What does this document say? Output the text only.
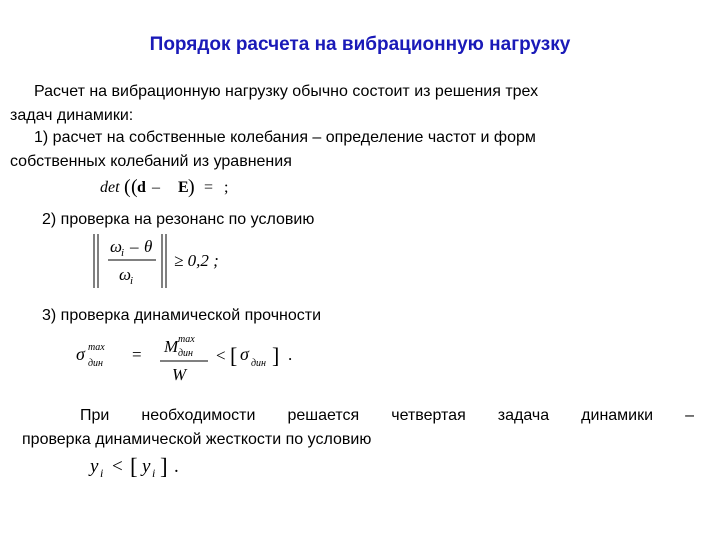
Порядок расчета на вибрационную нагрузку
Расчет на вибрационную нагрузку обычно состоит из решения трех
задач динамики:
1) расчет на собственные колебания – определение частот и форм
собственных колебаний из уравнения
det ( ( d – E ) = ;
2) проверка на резонанс по условию
ω
i – θ
ω
i
≥ 0,2 ;
3) проверка динамической прочности
σ max
дин = M max
дин
W
< [ σ дин ] .
При необходимости решается четвертая задача динамики –
проверка динамической жесткости по условию
y i < [ y i ] .
